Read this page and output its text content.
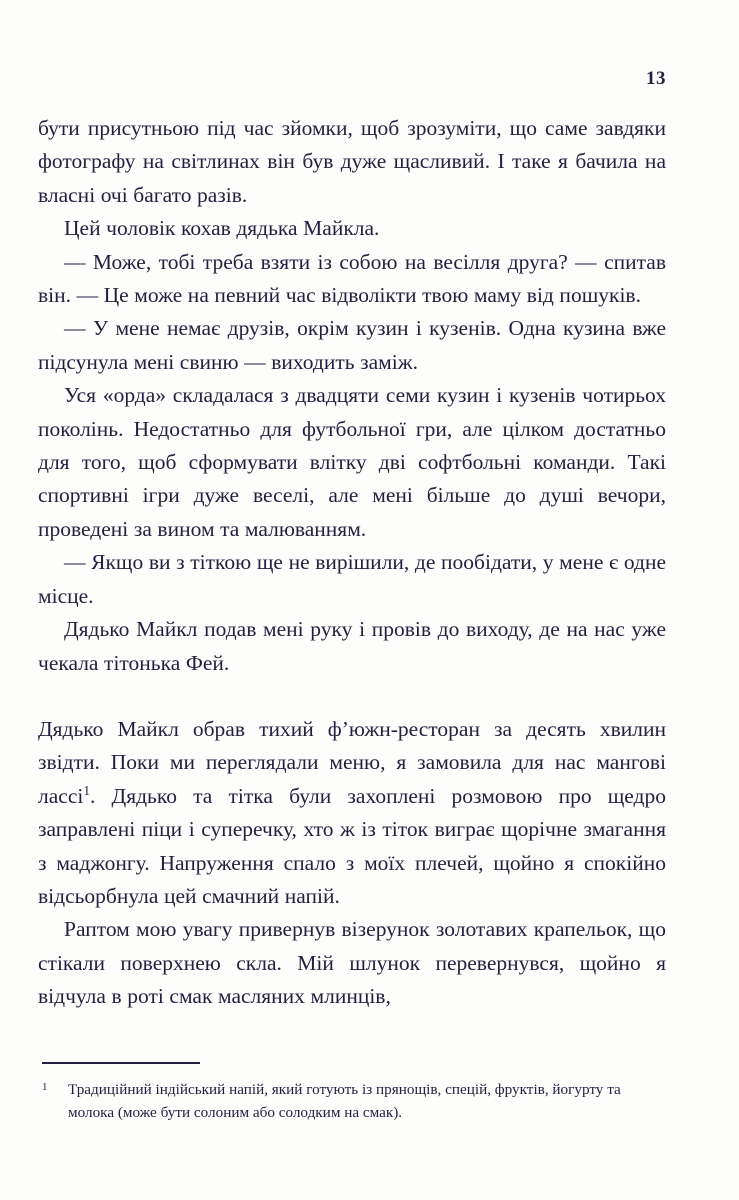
13

бути присутньою під час зйомки, щоб зрозуміти, що саме завдяки фотографу на світлинах він був дуже щасливий. І таке я бачила на власні очі багато разів.

Цей чоловік кохав дядька Майкла.

— Може, тобі треба взяти із собою на весілля друга? — спитав він. — Це може на певний час відволікти твою маму від пошуків.

— У мене немає друзів, окрім кузин і кузенів. Одна кузина вже підсунула мені свиню — виходить заміж.

Уся «орда» складалася з двадцяти семи кузин і кузенів чотирьох поколінь. Недостатньо для футбольної гри, але цілком достатньо для того, щоб сформувати влітку дві софтбольні команди. Такі спортивні ігри дуже веселі, але мені більше до душі вечори, проведені за вином та малюванням.

— Якщо ви з тіткою ще не вирішили, де пообідати, у мене є одне місце.

Дядько Майкл подав мені руку і провів до виходу, де на нас уже чекала тітонька Фей.

Дядько Майкл обрав тихий ф’южн-ресторан за десять хвилин звідти. Поки ми переглядали меню, я замовила для нас мангові лассі$^1$. Дядько та тітка були захоплені розмовою про щедро заправлені піци і суперечку, хто ж із тіток виграє щорічне змагання з маджонгу. Напруження спало з моїх плечей, щойно я спокійно відсьорбнула цей смачний напій.

Раптом мою увагу привернув візерунок золотавих крапельок, що стікали поверхнею скла. Мій шлунок перевернувся, щойно я відчула в роті смак масляних млинців,

1	Традиційний індійський напій, який готують із прянощів, спецій, фруктів, йогурту та молока (може бути солоним або солодким на смак).
